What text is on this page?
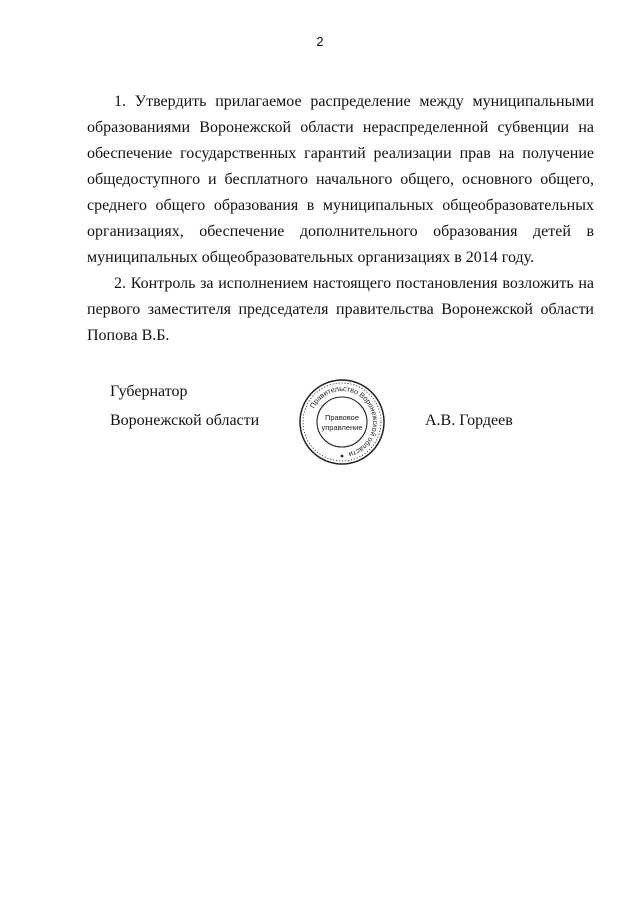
2

1. Утвердить прилагаемое распределение между муниципальными образованиями Воронежской области нераспределенной субвенции на обеспечение государственных гарантий реализации прав на получение общедоступного и бесплатного начального общего, основного общего, среднего общего образования в муниципальных общеобразовательных организациях, обеспечение дополнительного образования детей в муниципальных общеобразовательных организациях в 2014 году.

2. Контроль за исполнением настоящего постановления возложить на первого заместителя председателя правительства Воронежской области Попова В.Б.

Губернатор
Воронежской области	А.В. Гордеев
Правительство Воронежской области
Правовое
управление
